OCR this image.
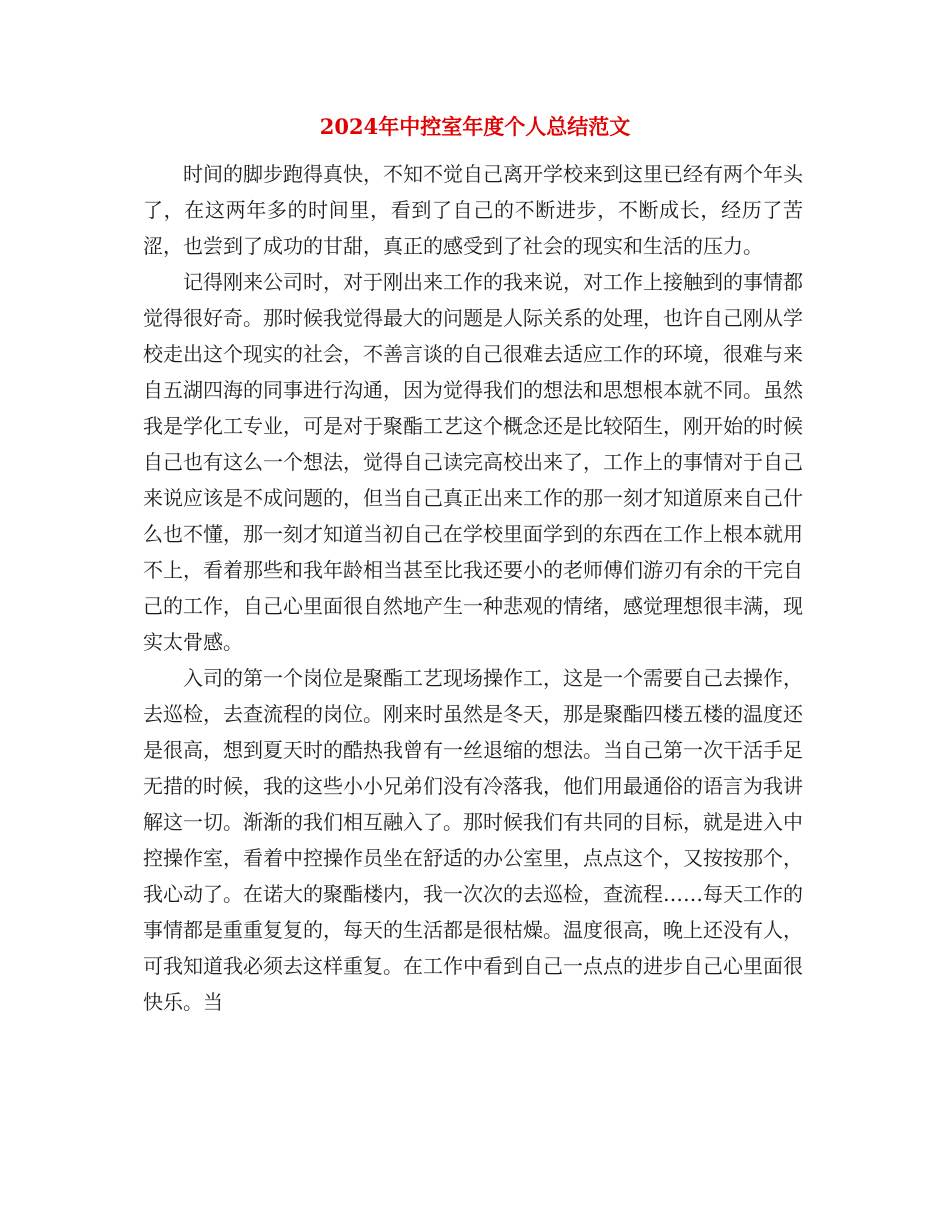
2024年中控室年度个人总结范文

时间的脚步跑得真快，不知不觉自己离开学校来到这里已经有两个年头了，在这两年多的时间里，看到了自己的不断进步，不断成长，经历了苦涩，也尝到了成功的甘甜，真正的感受到了社会的现实和生活的压力。

记得刚来公司时，对于刚出来工作的我来说，对工作上接触到的事情都觉得很好奇。那时候我觉得最大的问题是人际关系的处理，也许自己刚从学校走出这个现实的社会，不善言谈的自己很难去适应工作的环境，很难与来自五湖四海的同事进行沟通，因为觉得我们的想法和思想根本就不同。虽然我是学化工专业，可是对于聚酯工艺这个概念还是比较陌生，刚开始的时候自己也有这么一个想法，觉得自己读完高校出来了，工作上的事情对于自己来说应该是不成问题的，但当自己真正出来工作的那一刻才知道原来自己什么也不懂，那一刻才知道当初自己在学校里面学到的东西在工作上根本就用不上，看着那些和我年龄相当甚至比我还要小的老师傅们游刃有余的干完自己的工作，自己心里面很自然地产生一种悲观的情绪，感觉理想很丰满，现实太骨感。

入司的第一个岗位是聚酯工艺现场操作工，这是一个需要自己去操作，去巡检，去查流程的岗位。刚来时虽然是冬天，那是聚酯四楼五楼的温度还是很高，想到夏天时的酷热我曾有一丝退缩的想法。当自己第一次干活手足无措的时候，我的这些小小兄弟们没有冷落我，他们用最通俗的语言为我讲解这一切。渐渐的我们相互融入了。那时候我们有共同的目标，就是进入中控操作室，看着中控操作员坐在舒适的办公室里，点点这个，又按按那个，我心动了。在诺大的聚酯楼内，我一次次的去巡检，查流程……每天工作的事情都是重重复复的，每天的生活都是很枯燥。温度很高，晚上还没有人，可我知道我必须去这样重复。在工作中看到自己一点点的进步自己心里面很快乐。当
